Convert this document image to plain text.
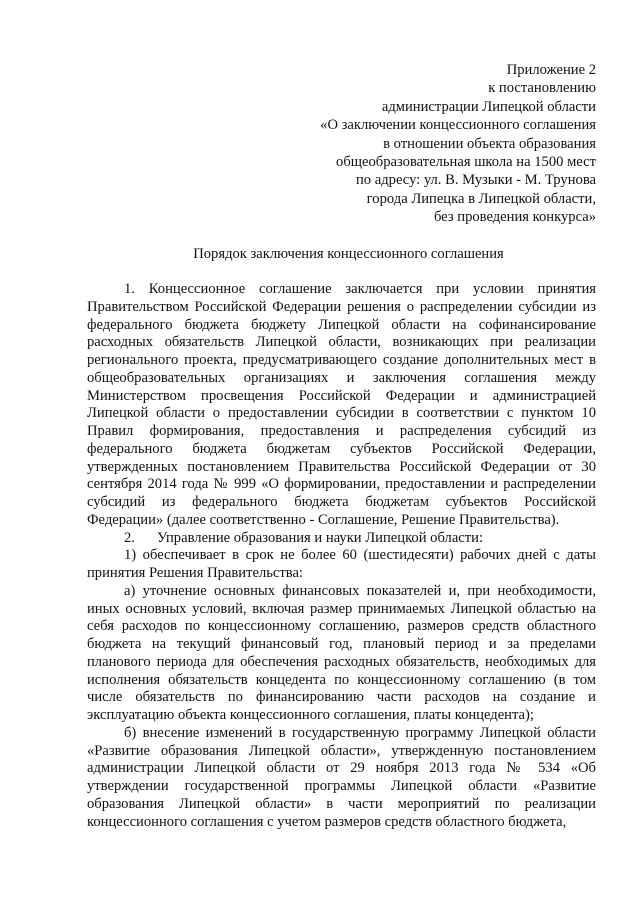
Приложение 2
к постановлению
администрации Липецкой области
«О заключении концессионного соглашения
в отношении объекта образования
общеобразовательная школа на 1500 мест
по адресу: ул. В. Музыки - М. Трунова
города Липецка в Липецкой области,
без проведения конкурса»
Порядок заключения концессионного соглашения

1. Концессионное соглашение заключается при условии принятия Правительством Российской Федерации решения о распределении субсидии из федерального бюджета бюджету Липецкой области на софинансирование расходных обязательств Липецкой области, возникающих при реализации регионального проекта, предусматривающего создание дополнительных мест в общеобразовательных организациях и заключения соглашения между Министерством просвещения Российской Федерации и администрацией Липецкой области о предоставлении субсидии в соответствии с пунктом 10 Правил формирования, предоставления и распределения субсидий из федерального бюджета бюджетам субъектов Российской Федерации, утвержденных постановлением Правительства Российской Федерации от 30 сентября 2014 года № 999 «О формировании, предоставлении и распределении субсидий из федерального бюджета бюджетам субъектов Российской Федерации» (далее соответственно - Соглашение, Решение Правительства).

2. Управление образования и науки Липецкой области:

1) обеспечивает в срок не более 60 (шестидесяти) рабочих дней с даты принятия Решения Правительства:

а) уточнение основных финансовых показателей и, при необходимости, иных основных условий, включая размер принимаемых Липецкой областью на себя расходов по концессионному соглашению, размеров средств областного бюджета на текущий финансовый год, плановый период и за пределами планового периода для обеспечения расходных обязательств, необходимых для исполнения обязательств концедента по концессионному соглашению (в том числе обязательств по финансированию части расходов на создание и эксплуатацию объекта концессионного соглашения, платы концедента);

б) внесение изменений в государственную программу Липецкой области «Развитие образования Липецкой области», утвержденную постановлением администрации Липецкой области от 29 ноября 2013 года № 534 «Об утверждении государственной программы Липецкой области «Развитие образования Липецкой области» в части мероприятий по реализации концессионного соглашения с учетом размеров средств областного бюджета,
